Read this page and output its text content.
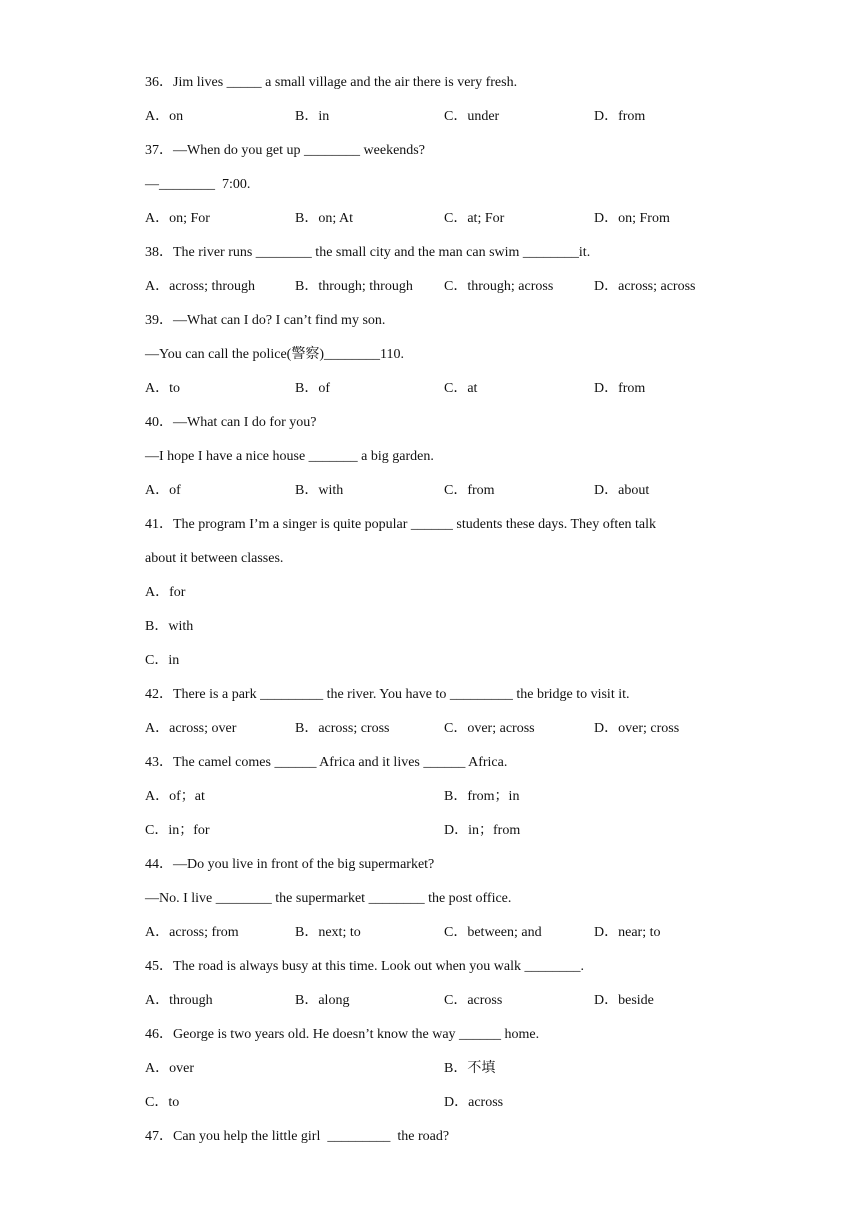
36．Jim lives _____ a small village and the air there is very fresh.
A．on	B．in	C．under	D．from
37．—When do you get up ________ weekends?
—________  7:00.
A．on; For	B．on; At	C．at; For	D．on; From
38．The river runs ________ the small city and the man can swim ________it.
A．across; through	B．through; through C．through; across	D．across; across
39．—What can I do? I can’t find my son.
—You can call the police(警察)________110.
A．to	B．of	C．at	D．from
40．—What can I do for you?
—I hope I have a nice house _______ a big garden.
A．of	B．with	C．from	D．about
41．The program I’m a singer is quite popular ______ students these days. They often talk
about it between classes.
A．for
B．with
C．in
42．There is a park _________ the river. You have to _________ the bridge to visit it.
A．across; over	B．across; cross	C．over; across	D．over; cross
43．The camel comes ______ Africa and it lives ______ Africa.
A．of；at	B．from；in
C．in；for	D．in；from
44．—Do you live in front of the big supermarket?
—No. I live ________ the supermarket ________ the post office.
A．across; from	B．next; to	C．between; and	D．near; to
45．The road is always busy at this time. Look out when you walk ________.
A．through	B．along	C．across	D．beside
46．George is two years old. He doesn’t know the way ______ home.
A．over	B．不填
C．to	D．across
47．Can you help the little girl  _________  the road?
